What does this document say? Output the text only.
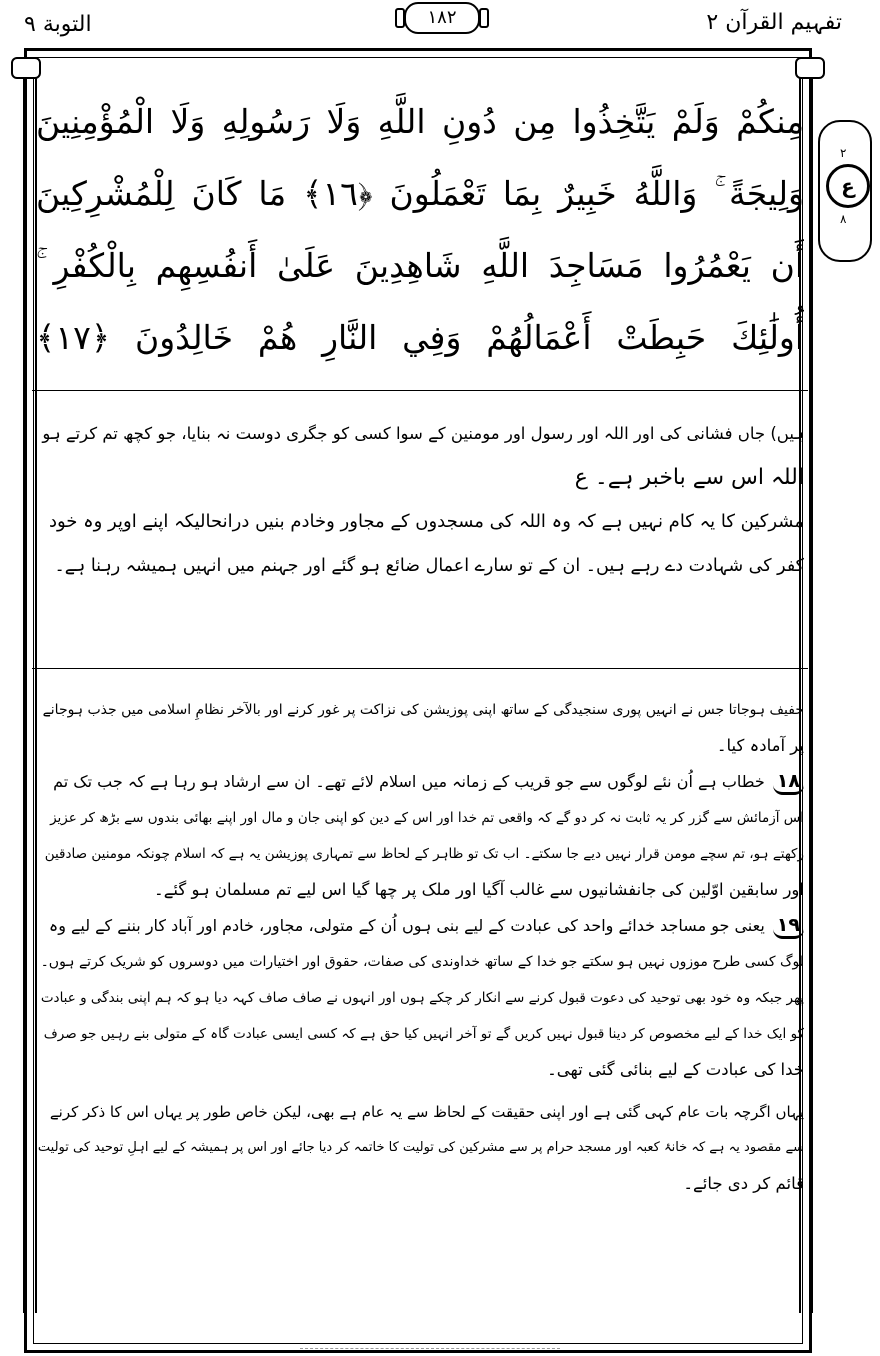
التوبة ٩	١٨٢	تفہیم القرآن ٢
٢
ع
٨
مِنكُمْ وَلَمْ يَتَّخِذُوا مِن دُونِ اللَّهِ وَلَا رَسُولِهِ وَلَا الْمُؤْمِنِينَ
وَلِيجَةً ۚ وَاللَّهُ خَبِيرٌ بِمَا تَعْمَلُونَ ﴿١٦﴾ مَا كَانَ لِلْمُشْرِكِينَ
أَن يَعْمُرُوا مَسَاجِدَ اللَّهِ شَاهِدِينَ عَلَىٰ أَنفُسِهِم بِالْكُفْرِ ۚ
أُولَٰئِكَ حَبِطَتْ أَعْمَالُهُمْ وَفِي النَّارِ هُمْ خَالِدُونَ ﴿١٧﴾
ہیں) جاں فشانی کی اور اللہ اور رسول اور مومنین کے سوا کسی کو جگری دوست نہ بنایا، جو کچھ تم کرتے ہو
اللہ اس سے باخبر ہے۔ ع
مشرکین کا یہ کام نہیں ہے کہ وہ اللہ کی مسجدوں کے مجاور وخادم بنیں درانحالیکہ اپنے اوپر وہ خود
کفر کی شہادت دے رہے ہیں۔ ان کے تو سارے اعمال ضائع ہو گئے اور جہنم میں انہیں ہمیشہ رہنا ہے۔
خفیف ہوجاتا جس نے انہیں پوری سنجیدگی کے ساتھ اپنی پوزیشن کی نزاکت پر غور کرنے اور بالآخر نظامِ اسلامی میں جذب ہوجانے
پر آمادہ کیا۔
۱۸خطاب ہے اُن نئے لوگوں سے جو قریب کے زمانہ میں اسلام لائے تھے۔ ان سے ارشاد ہو رہا ہے کہ جب تک تم
اس آزمائش سے گزر کر یہ ثابت نہ کر دو گے کہ واقعی تم خدا اور اس کے دین کو اپنی جان و مال اور اپنے بھائی بندوں سے بڑھ کر عزیز
رکھتے ہو، تم سچے مومن قرار نہیں دیے جا سکتے۔ اب تک تو ظاہر کے لحاظ سے تمہاری پوزیشن یہ ہے کہ اسلام چونکہ مومنین صادقین
اور سابقین اوّلین کی جانفشانیوں سے غالب آگیا اور ملک پر چھا گیا اس لیے تم مسلمان ہو گئے۔
۱۹یعنی جو مساجد خدائے واحد کی عبادت کے لیے بنی ہوں اُن کے متولی، مجاور، خادم اور آباد کار بننے کے لیے وہ
لوگ کسی طرح موزوں نہیں ہو سکتے جو خدا کے ساتھ خداوندی کی صفات، حقوق اور اختیارات میں دوسروں کو شریک کرتے ہوں۔
پھر جبکہ وہ خود بھی توحید کی دعوت قبول کرنے سے انکار کر چکے ہوں اور انہوں نے صاف صاف کہہ دیا ہو کہ ہم اپنی بندگی و عبادت
کو ایک خدا کے لیے مخصوص کر دینا قبول نہیں کریں گے تو آخر انہیں کیا حق ہے کہ کسی ایسی عبادت گاہ کے متولی بنے رہیں جو صرف
خدا کی عبادت کے لیے بنائی گئی تھی۔
یہاں اگرچہ بات عام کہی گئی ہے اور اپنی حقیقت کے لحاظ سے یہ عام ہے بھی، لیکن خاص طور پر یہاں اس کا ذکر کرنے
سے مقصود یہ ہے کہ خانۂ کعبہ اور مسجد حرام پر سے مشرکین کی تولیت کا خاتمہ کر دیا جائے اور اس پر ہمیشہ کے لیے اہلِ توحید کی تولیت
قائم کر دی جائے۔
